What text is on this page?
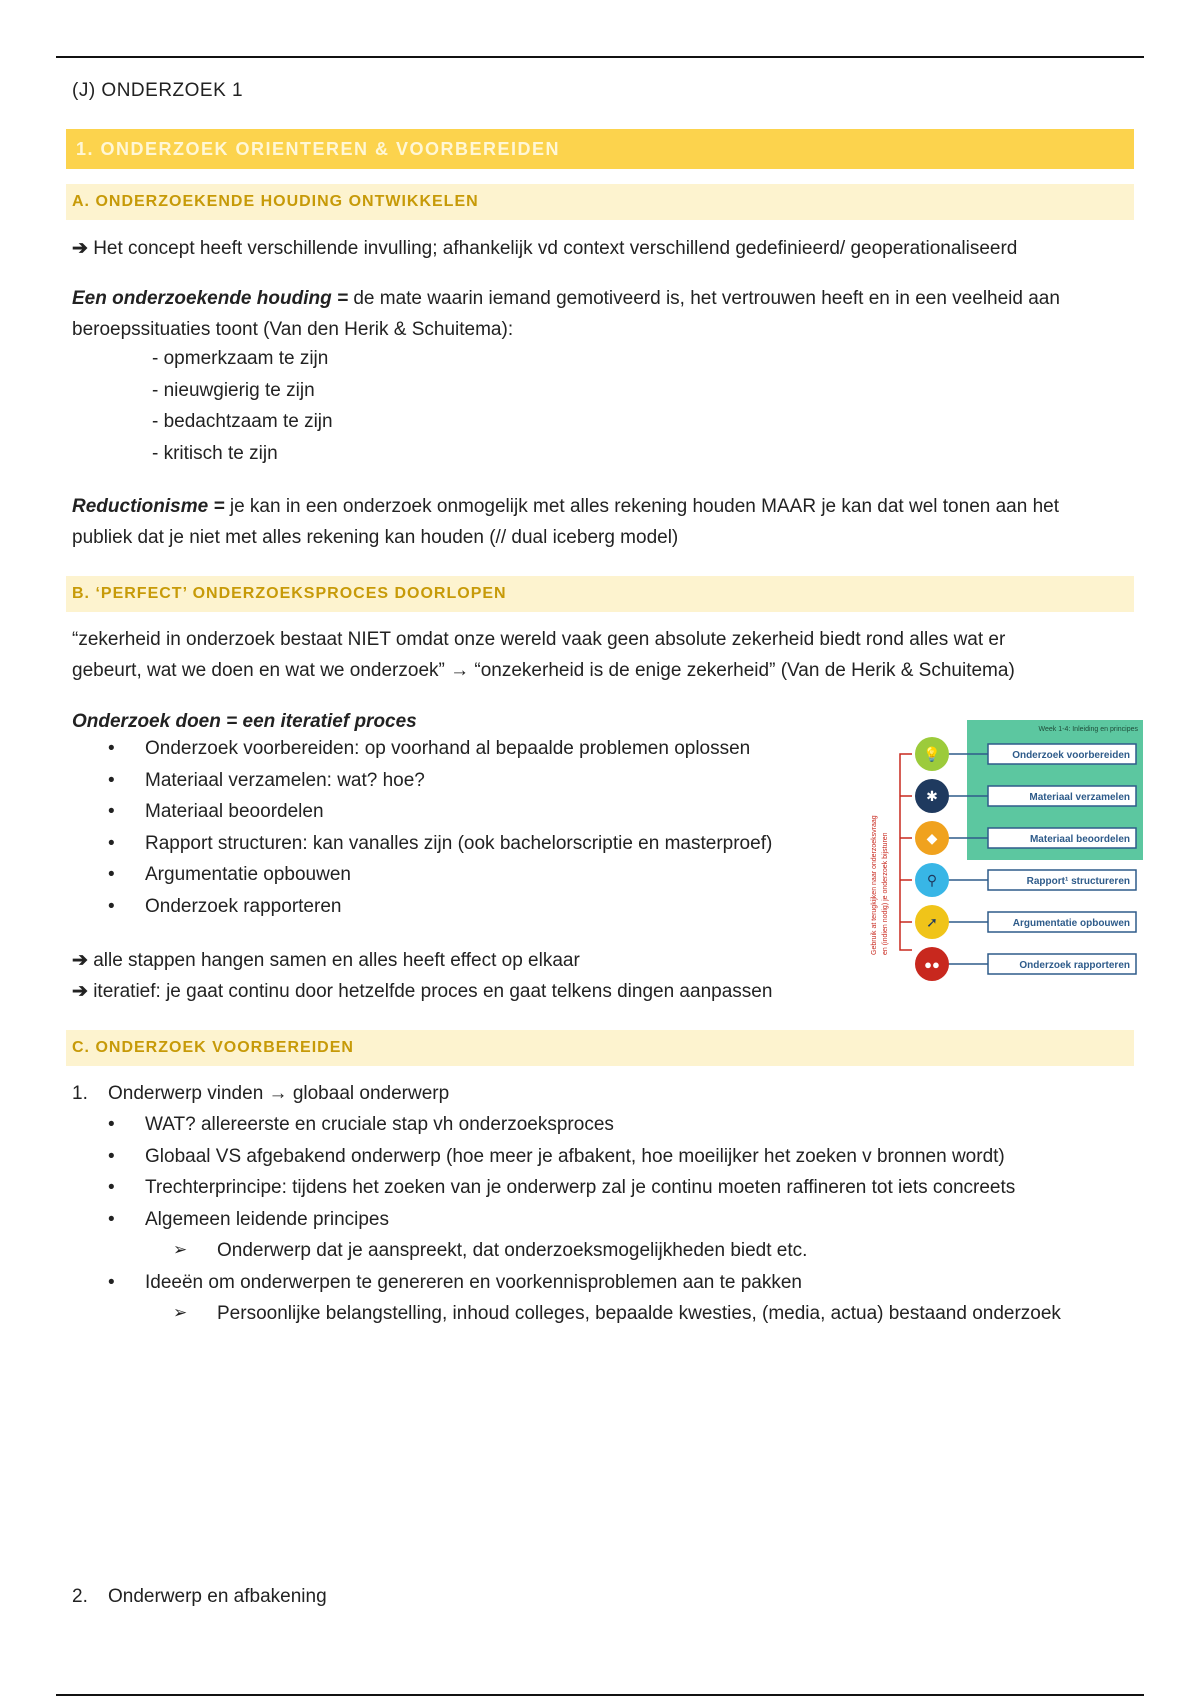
(J) ONDERZOEK 1
1. ONDERZOEK ORIENTEREN & VOORBEREIDEN
A. ONDERZOEKENDE HOUDING ONTWIKKELEN
➔ Het concept heeft verschillende invulling; afhankelijk vd context verschillend gedefinieerd/ geoperationaliseerd
Een onderzoekende houding = de mate waarin iemand gemotiveerd is, het vertrouwen heeft en in een veelheid aan
beroepssituaties toont (Van den Herik & Schuitema):
- opmerkzaam te zijn
- nieuwgierig te zijn
- bedachtzaam te zijn
- kritisch te zijn
Reductionisme = je kan in een onderzoek onmogelijk met alles rekening houden MAAR je kan dat wel tonen aan het
publiek dat je niet met alles rekening kan houden (// dual iceberg model)
B. ‘PERFECT’ ONDERZOEKSPROCES DOORLOPEN
“zekerheid in onderzoek bestaat NIET omdat onze wereld vaak geen absolute zekerheid biedt rond alles wat er
gebeurt, wat we doen en wat we onderzoek” → “onzekerheid is de enige zekerheid” (Van de Herik & Schuitema)
Onderzoek doen = een iteratief proces
• Onderzoek voorbereiden: op voorhand al bepaalde problemen oplossen
• Materiaal verzamelen: wat? hoe?
• Materiaal beoordelen
• Rapport structuren: kan vanalles zijn (ook bachelorscriptie en masterproef)
• Argumentatie opbouwen
• Onderzoek rapporteren
➔ alle stappen hangen samen en alles heeft effect op elkaar
➔ iteratief: je gaat continu door hetzelfde proces en gaat telkens dingen aanpassen
Week 1-4: Inleiding en principes
Gebruik at terugkijken naar onderzoeksvraag en (indien nodig) je onderzoek bijsturen
💡	Onderzoek voorbereiden
✱	Materiaal verzamelen
◆	Materiaal beoordelen
⚲	Rapport¹ structureren
➚	Argumentatie opbouwen
●●	Onderzoek rapporteren
C. ONDERZOEK VOORBEREIDEN
1. Onderwerp vinden → globaal onderwerp
• WAT? allereerste en cruciale stap vh onderzoeksproces
• Globaal VS afgebakend onderwerp (hoe meer je afbakent, hoe moeilijker het zoeken v bronnen wordt)
• Trechterprincipe: tijdens het zoeken van je onderwerp zal je continu moeten raffineren tot iets concreets
• Algemeen leidende principes
➢ Onderwerp dat je aanspreekt, dat onderzoeksmogelijkheden biedt etc.
• Ideeën om onderwerpen te genereren en voorkennisproblemen aan te pakken
➢ Persoonlijke belangstelling, inhoud colleges, bepaalde kwesties, (media, actua) bestaand onderzoek
2. Onderwerp en afbakening
